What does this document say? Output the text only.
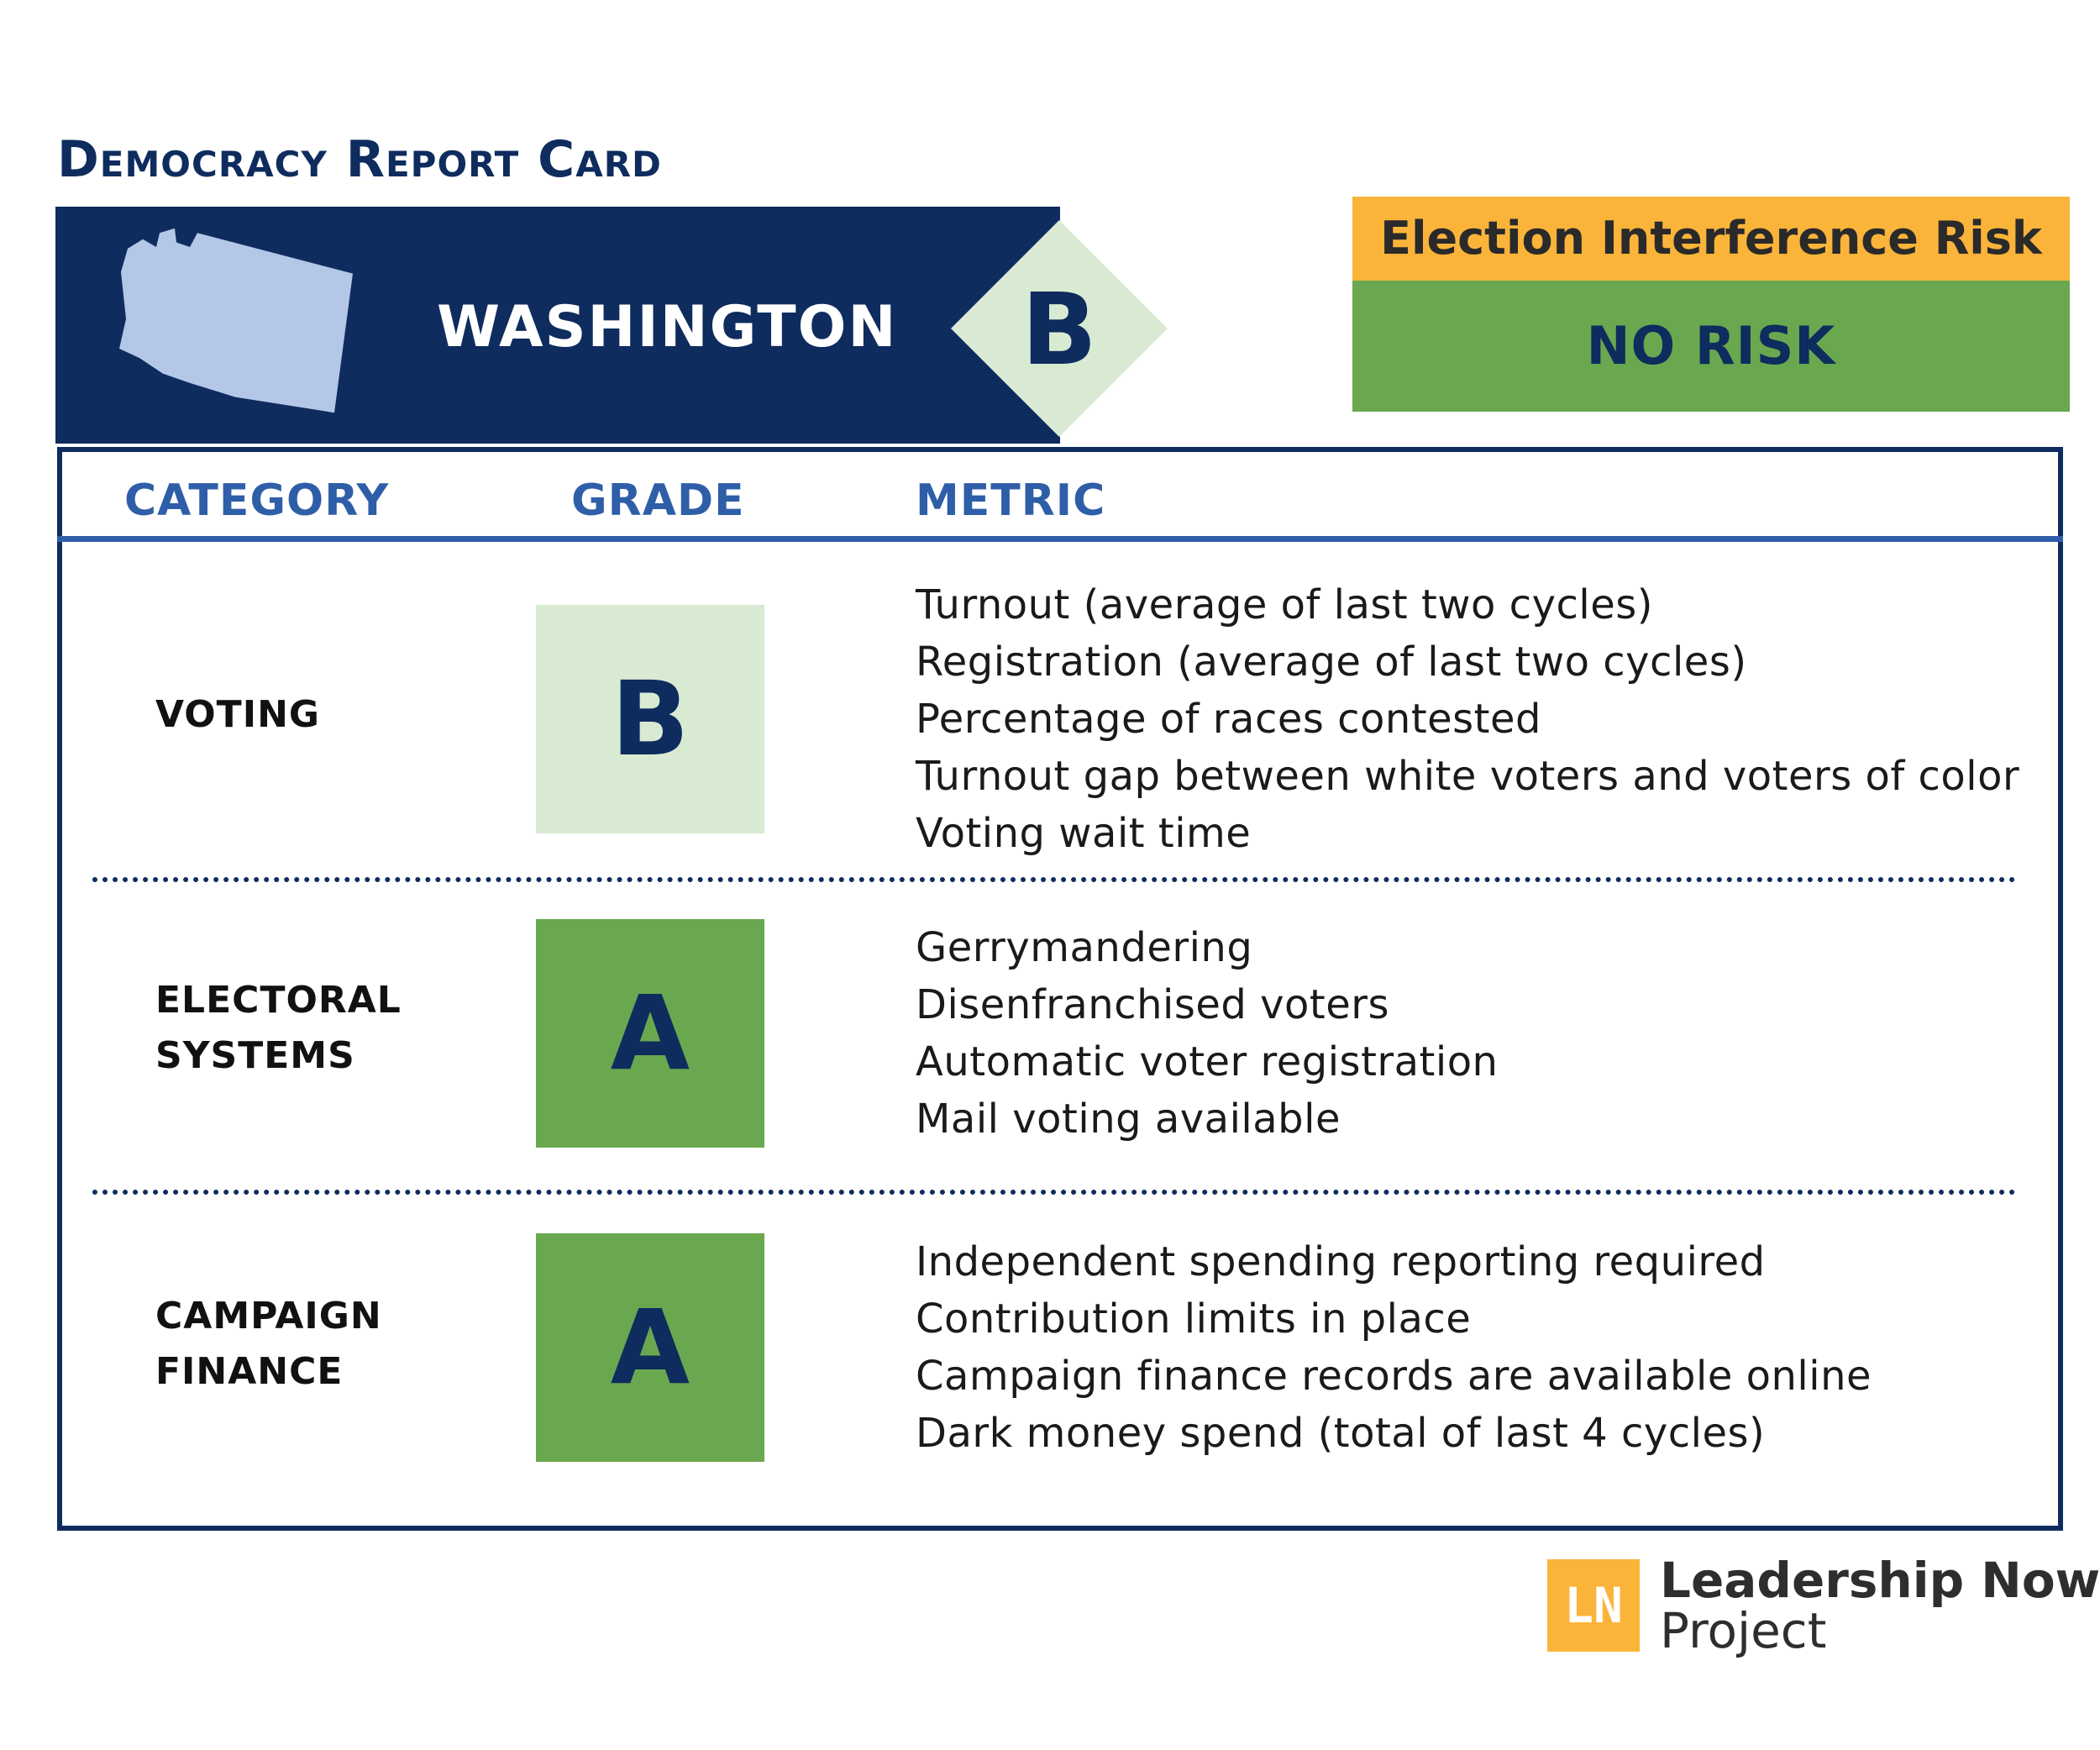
Democracy Report Card
WASHINGTON	B
Election Interference Risk
NO RISK
CATEGORY	GRADE	METRIC
VOTING	B
Turnout (average of last two cycles)
Registration (average of last two cycles)
Percentage of races contested
Turnout gap between white voters and voters of color
Voting wait time
ELECTORAL
SYSTEMS	A
Gerrymandering
Disenfranchised voters
Automatic voter registration
Mail voting available
CAMPAIGN
FINANCE	A
Independent spending reporting required
Contribution limits in place
Campaign finance records are available online
Dark money spend (total of last 4 cycles)
LN Leadership Now
Project
